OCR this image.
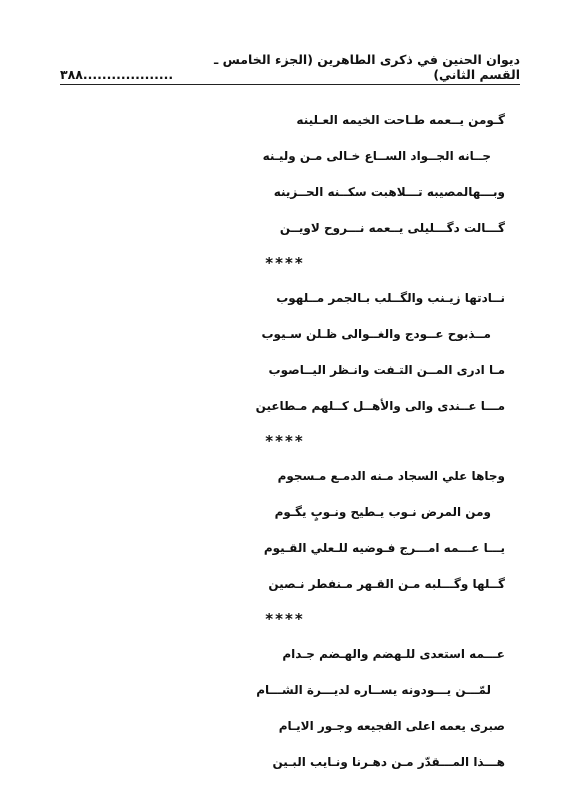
ديوان الحنين في ذكرى الطاهرين (الجزء الخامس ـ القسم الثاني)
...................٣٨٨
گـومن يــعمه طـاحت الخيمه العـلينه
جــانه الجــواد الســاع خـالى مـن وليـنه
وبـــهالمصيبه تـــلاهبت سكــنه الحــزينه
گـــالت دگـــليلى يــعمه نـــروح لاويــن
****
نــادتها زيـنب والگــلب بـالجمر مــلهوب
مــذبوح عــودج والغــوالى ظـلن سـيوب
مـا ادرى المــن التـفت وانـظر اليــاصوب
مـــا عــندى والى والأهــل كــلهم مـطاعين
****
وجاها علي السجاد مـنه الدمـع مـسجوم
ومن المرض نـوب يـطيح ونـوبٍ يگـوم
يـــا عـــمه امـــرج فـوضيه للـعلي القـيوم
گــلها وگـــلبه مـن القـهر مـنفطر نـصين
****
عـــمه استعدى للـهضم والهـضم جـدام
لمّـــن يـــودونه يســاره لديـــرة الشـــام
صبرى يعمه اعلى الفجيعه وجـور الايـام
هـــذا المـــقدّر مـن دهـرنا ونـايب البـين
